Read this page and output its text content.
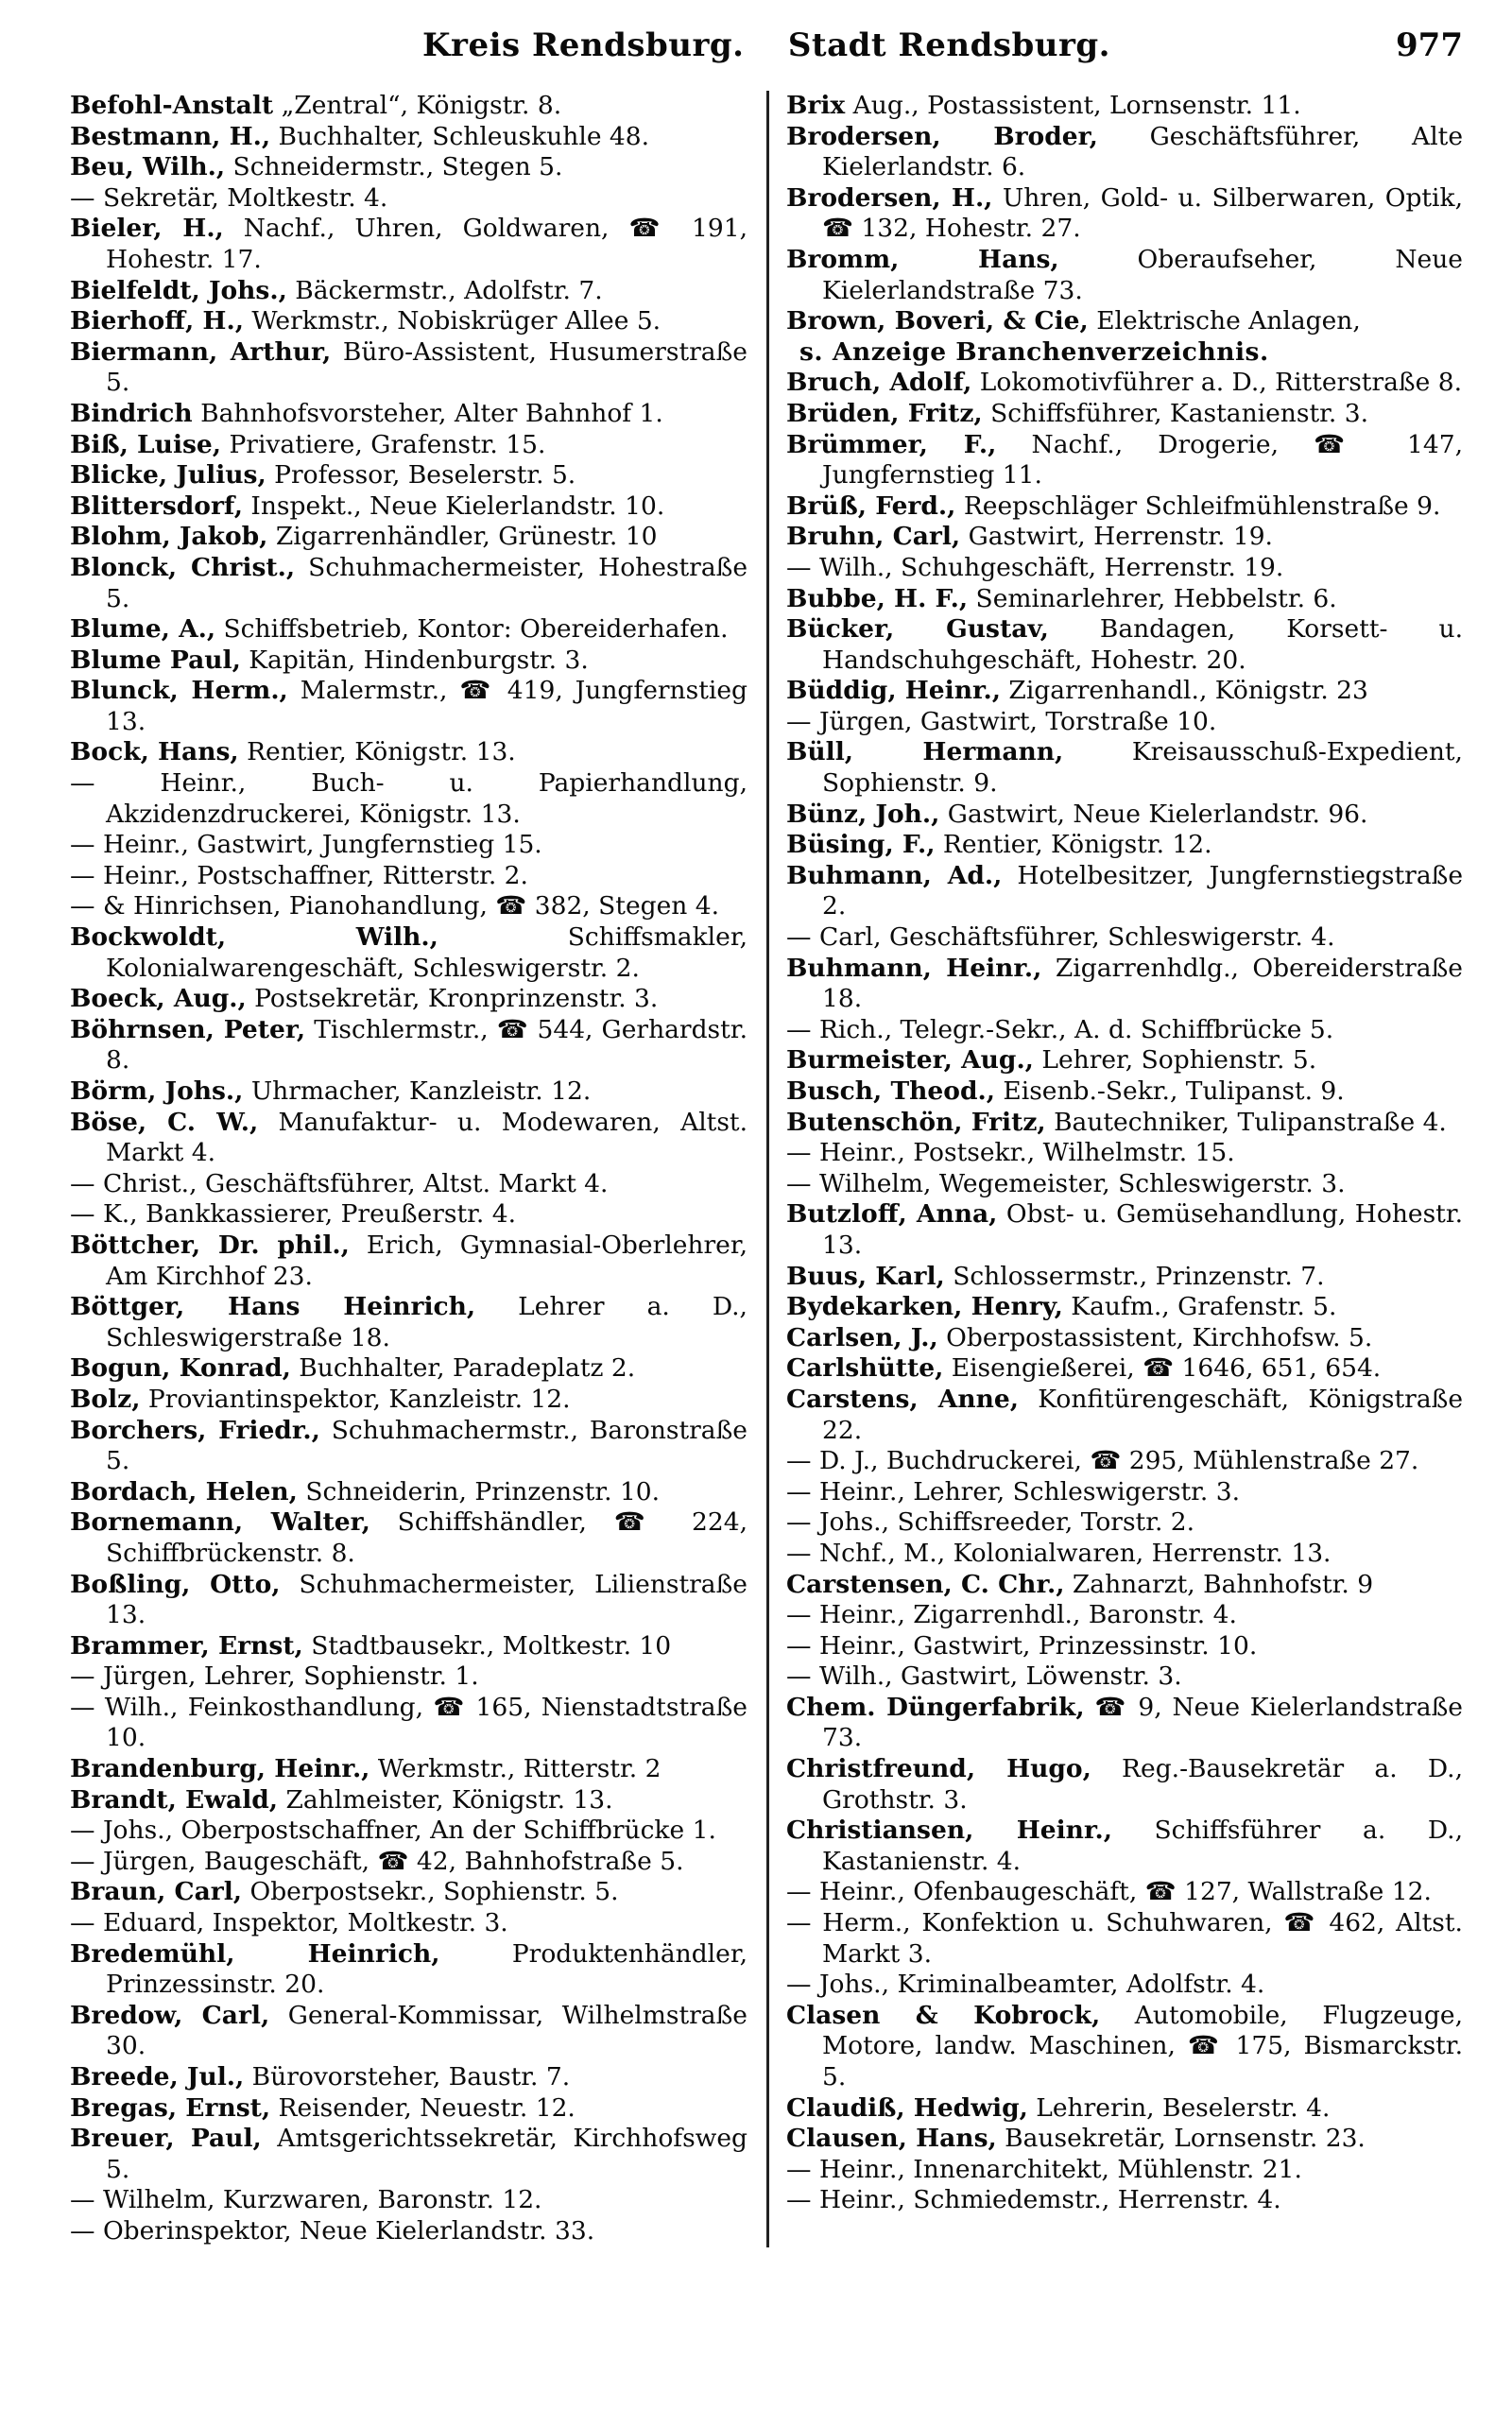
Kreis Rendsburg. Stadt Rendsburg.	977
Befohl-Anstalt „Zentral“, Königstr. 8.
Bestmann, H., Buchhalter, Schleuskuhle 48.
Beu, Wilh., Schneidermstr., Stegen 5.
— Sekretär, Moltkestr. 4.
Bieler, H., Nachf., Uhren, Goldwaren, ☎ 191, Hohestr. 17.
Bielfeldt, Johs., Bäckermstr., Adolfstr. 7.
Bierhoff, H., Werkmstr., Nobiskrüger Allee 5.
Biermann, Arthur, Büro-Assistent, Husumerstraße 5.
Bindrich Bahnhofsvorsteher, Alter Bahnhof 1.
Biß, Luise, Privatiere, Grafenstr. 15.
Blicke, Julius, Professor, Beselerstr. 5.
Blittersdorf, Inspekt., Neue Kielerlandstr. 10.
Blohm, Jakob, Zigarrenhändler, Grünestr. 10
Blonck, Christ., Schuhmachermeister, Hohestraße 5.
Blume, A., Schiffsbetrieb, Kontor: Obereiderhafen.
Blume Paul, Kapitän, Hindenburgstr. 3.
Blunck, Herm., Malermstr., ☎ 419, Jungfernstieg 13.
Bock, Hans, Rentier, Königstr. 13.
— Heinr., Buch- u. Papierhandlung, Akzidenzdruckerei, Königstr. 13.
— Heinr., Gastwirt, Jungfernstieg 15.
— Heinr., Postschaffner, Ritterstr. 2.
— & Hinrichsen, Pianohandlung, ☎ 382, Stegen 4.
Bockwoldt, Wilh., Schiffsmakler, Kolonialwarengeschäft, Schleswigerstr. 2.
Boeck, Aug., Postsekretär, Kronprinzenstr. 3.
Böhrnsen, Peter, Tischlermstr., ☎ 544, Gerhardstr. 8.
Börm, Johs., Uhrmacher, Kanzleistr. 12.
Böse, C. W., Manufaktur- u. Modewaren, Altst. Markt 4.
— Christ., Geschäftsführer, Altst. Markt 4.
— K., Bankkassierer, Preußerstr. 4.
Böttcher, Dr. phil., Erich, Gymnasial-Oberlehrer, Am Kirchhof 23.
Böttger, Hans Heinrich, Lehrer a. D., Schleswigerstraße 18.
Bogun, Konrad, Buchhalter, Paradeplatz 2.
Bolz, Proviantinspektor, Kanzleistr. 12.
Borchers, Friedr., Schuhmachermstr., Baronstraße 5.
Bordach, Helen, Schneiderin, Prinzenstr. 10.
Bornemann, Walter, Schiffshändler, ☎ 224, Schiffbrückenstr. 8.
Boßling, Otto, Schuhmachermeister, Lilienstraße 13.
Brammer, Ernst, Stadtbausekr., Moltkestr. 10
— Jürgen, Lehrer, Sophienstr. 1.
— Wilh., Feinkosthandlung, ☎ 165, Nienstadtstraße 10.
Brandenburg, Heinr., Werkmstr., Ritterstr. 2
Brandt, Ewald, Zahlmeister, Königstr. 13.
— Johs., Oberpostschaffner, An der Schiffbrücke 1.
— Jürgen, Baugeschäft, ☎ 42, Bahnhofstraße 5.
Braun, Carl, Oberpostsekr., Sophienstr. 5.
— Eduard, Inspektor, Moltkestr. 3.
Bredemühl, Heinrich, Produktenhändler, Prinzessinstr. 20.
Bredow, Carl, General-Kommissar, Wilhelmstraße 30.
Breede, Jul., Bürovorsteher, Baustr. 7.
Bregas, Ernst, Reisender, Neuestr. 12.
Breuer, Paul, Amtsgerichtssekretär, Kirchhofsweg 5.
— Wilhelm, Kurzwaren, Baronstr. 12.
— Oberinspektor, Neue Kielerlandstr. 33.
Brix Aug., Postassistent, Lornsenstr. 11.
Brodersen, Broder, Geschäftsführer, Alte Kielerlandstr. 6.
Brodersen, H., Uhren, Gold- u. Silberwaren, Optik, ☎ 132, Hohestr. 27.
Bromm, Hans, Oberaufseher, Neue Kielerlandstraße 73.
Brown, Boveri, & Cie, Elektrische Anlagen,
s. Anzeige Branchenverzeichnis.
Bruch, Adolf, Lokomotivführer a. D., Ritterstraße 8.
Brüden, Fritz, Schiffsführer, Kastanienstr. 3.
Brümmer, F., Nachf., Drogerie, ☎ 147, Jungfernstieg 11.
Brüß, Ferd., Reepschläger Schleifmühlenstraße 9.
Bruhn, Carl, Gastwirt, Herrenstr. 19.
— Wilh., Schuhgeschäft, Herrenstr. 19.
Bubbe, H. F., Seminarlehrer, Hebbelstr. 6.
Bücker, Gustav, Bandagen, Korsett- u. Handschuhgeschäft, Hohestr. 20.
Büddig, Heinr., Zigarrenhandl., Königstr. 23
— Jürgen, Gastwirt, Torstraße 10.
Büll, Hermann, Kreisausschuß-Expedient, Sophienstr. 9.
Bünz, Joh., Gastwirt, Neue Kielerlandstr. 96.
Büsing, F., Rentier, Königstr. 12.
Buhmann, Ad., Hotelbesitzer, Jungfernstiegstraße 2.
— Carl, Geschäftsführer, Schleswigerstr. 4.
Buhmann, Heinr., Zigarrenhdlg., Obereiderstraße 18.
— Rich., Telegr.-Sekr., A. d. Schiffbrücke 5.
Burmeister, Aug., Lehrer, Sophienstr. 5.
Busch, Theod., Eisenb.-Sekr., Tulipanst. 9.
Butenschön, Fritz, Bautechniker, Tulipanstraße 4.
— Heinr., Postsekr., Wilhelmstr. 15.
— Wilhelm, Wegemeister, Schleswigerstr. 3.
Butzloff, Anna, Obst- u. Gemüsehandlung, Hohestr. 13.
Buus, Karl, Schlossermstr., Prinzenstr. 7.
Bydekarken, Henry, Kaufm., Grafenstr. 5.
Carlsen, J., Oberpostassistent, Kirchhofsw. 5.
Carlshütte, Eisengießerei, ☎ 1646, 651, 654.
Carstens, Anne, Konfitürengeschäft, Königstraße 22.
— D. J., Buchdruckerei, ☎ 295, Mühlenstraße 27.
— Heinr., Lehrer, Schleswigerstr. 3.
— Johs., Schiffsreeder, Torstr. 2.
— Nchf., M., Kolonialwaren, Herrenstr. 13.
Carstensen, C. Chr., Zahnarzt, Bahnhofstr. 9
— Heinr., Zigarrenhdl., Baronstr. 4.
— Heinr., Gastwirt, Prinzessinstr. 10.
— Wilh., Gastwirt, Löwenstr. 3.
Chem. Düngerfabrik, ☎ 9, Neue Kielerlandstraße 73.
Christfreund, Hugo, Reg.-Bausekretär a. D., Grothstr. 3.
Christiansen, Heinr., Schiffsführer a. D., Kastanienstr. 4.
— Heinr., Ofenbaugeschäft, ☎ 127, Wallstraße 12.
— Herm., Konfektion u. Schuhwaren, ☎ 462, Altst. Markt 3.
— Johs., Kriminalbeamter, Adolfstr. 4.
Clasen & Kobrock, Automobile, Flugzeuge, Motore, landw. Maschinen, ☎ 175, Bismarckstr. 5.
Claudiß, Hedwig, Lehrerin, Beselerstr. 4.
Clausen, Hans, Bausekretär, Lornsenstr. 23.
— Heinr., Innenarchitekt, Mühlenstr. 21.
— Heinr., Schmiedemstr., Herrenstr. 4.
